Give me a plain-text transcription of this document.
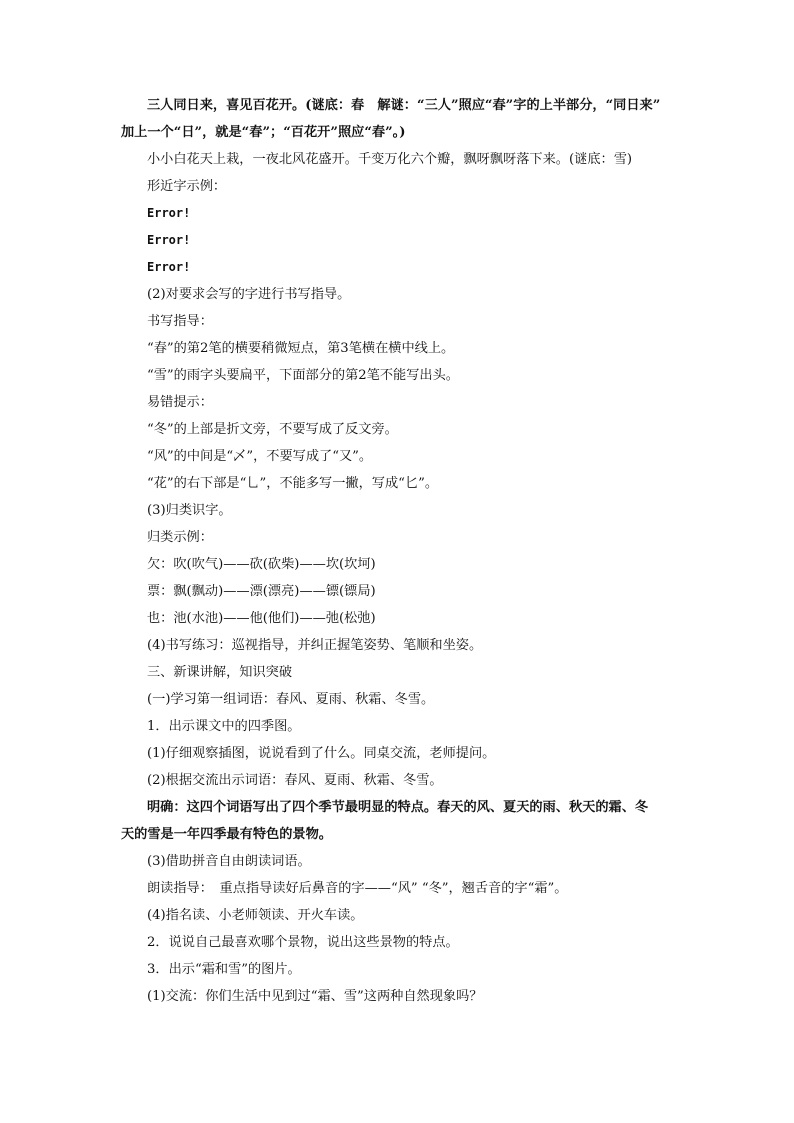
三人同日来，喜见百花开。(谜底：春　解谜：“三人”照应“春”字的上半部分，“同日来”
加上一个“日”，就是“春”；“百花开”照应“春”。)
小小白花天上栽，一夜北风花盛开。千变万化六个瓣，飘呀飘呀落下来。(谜底：雪)
形近字示例：
Error!
Error!
Error!
(2)对要求会写的字进行书写指导。
书写指导：
“春”的第2笔的横要稍微短点，第3笔横在横中线上。
“雪”的雨字头要扁平，下面部分的第2笔不能写出头。
易错提示：
“冬”的上部是折文旁，不要写成了反文旁。
“风”的中间是“乄”，不要写成了“又”。
“花”的右下部是“乚”，不能多写一撇，写成“匕”。
(3)归类识字。
归类示例：
欠：吹(吹气)——砍(砍柴)——坎(坎坷)
票：飘(飘动)——漂(漂亮)——镖(镖局)
也：池(水池)——他(他们)——弛(松弛)
(4)书写练习：巡视指导，并纠正握笔姿势、笔顺和坐姿。
三、新课讲解，知识突破
(一)学习第一组词语：春风、夏雨、秋霜、冬雪。
1．出示课文中的四季图。
(1)仔细观察插图，说说看到了什么。同桌交流，老师提问。
(2)根据交流出示词语：春风、夏雨、秋霜、冬雪。
明确：这四个词语写出了四个季节最明显的特点。春天的风、夏天的雨、秋天的霜、冬
天的雪是一年四季最有特色的景物。
(3)借助拼音自由朗读词语。
朗读指导：　重点指导读好后鼻音的字——“风” “冬”，翘舌音的字“霜”。
(4)指名读、小老师领读、开火车读。
2．说说自己最喜欢哪个景物，说出这些景物的特点。
3．出示“霜和雪”的图片。
(1)交流：你们生活中见到过“霜、雪”这两种自然现象吗？
